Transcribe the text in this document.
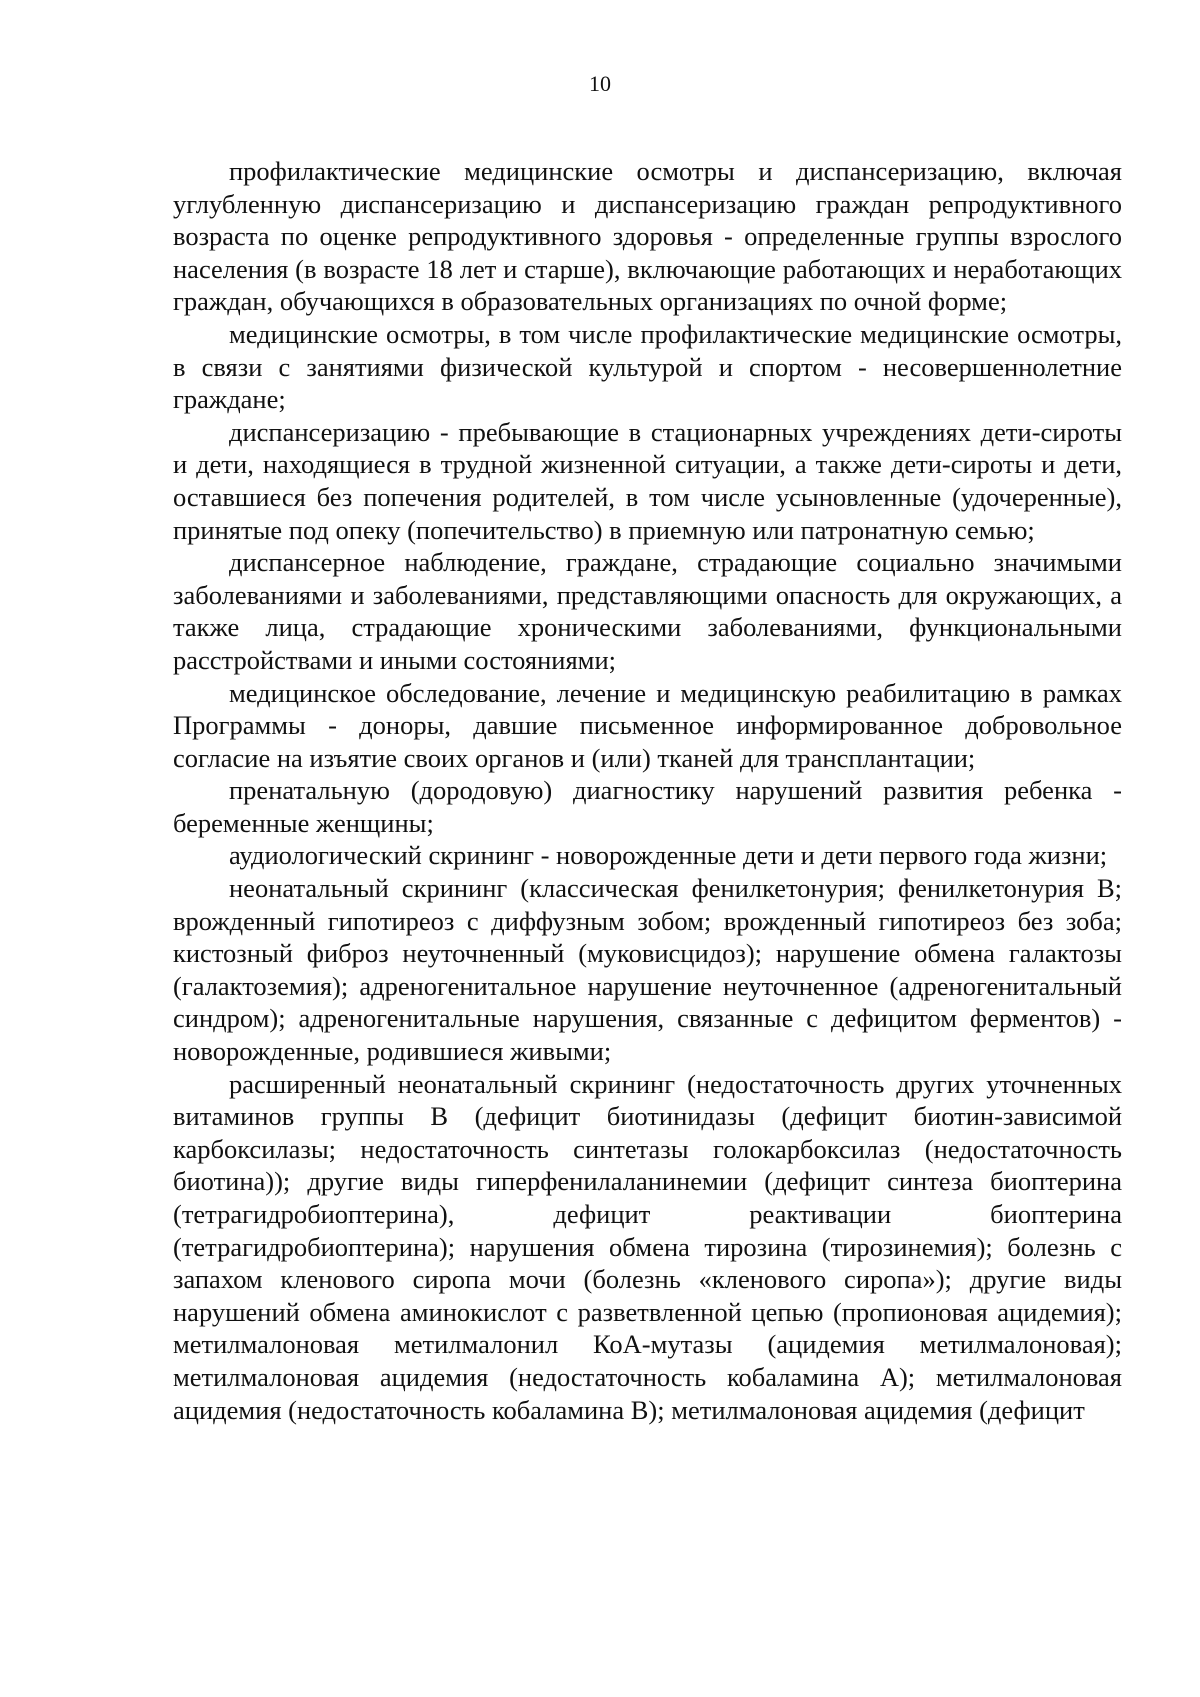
10

профилактические медицинские осмотры и диспансеризацию, включая углубленную диспансеризацию и диспансеризацию граждан репродуктивного возраста по оценке репродуктивного здоровья - определенные группы взрослого населения (в возрасте 18 лет и старше), включающие работающих и неработающих граждан, обучающихся в образовательных организациях по очной форме;

медицинские осмотры, в том числе профилактические медицинские осмотры, в связи с занятиями физической культурой и спортом - несовершеннолетние граждане;

диспансеризацию - пребывающие в стационарных учреждениях дети-сироты и дети, находящиеся в трудной жизненной ситуации, а также дети-сироты и дети, оставшиеся без попечения родителей, в том числе усыновленные (удочеренные), принятые под опеку (попечительство) в приемную или патронатную семью;

диспансерное наблюдение, граждане, страдающие социально значимыми заболеваниями и заболеваниями, представляющими опасность для окружающих, а также лица, страдающие хроническими заболеваниями, функциональными расстройствами и иными состояниями;

медицинское обследование, лечение и медицинскую реабилитацию в рамках Программы - доноры, давшие письменное информированное добровольное согласие на изъятие своих органов и (или) тканей для трансплантации;

пренатальную (дородовую) диагностику нарушений развития ребенка - беременные женщины;

аудиологический скрининг - новорожденные дети и дети первого года жизни;

неонатальный скрининг (классическая фенилкетонурия; фенилкетонурия B; врожденный гипотиреоз с диффузным зобом; врожденный гипотиреоз без зоба; кистозный фиброз неуточненный (муковисцидоз); нарушение обмена галактозы (галактоземия); адреногенитальное нарушение неуточненное (адреногенитальный синдром); адреногенитальные нарушения, связанные с дефицитом ферментов) - новорожденные, родившиеся живыми;

расширенный неонатальный скрининг (недостаточность других уточненных витаминов группы B (дефицит биотинидазы (дефицит биотин-зависимой карбоксилазы; недостаточность синтетазы голокарбоксилаз (недостаточность биотина)); другие виды гиперфенилаланинемии (дефицит синтеза биоптерина (тетрагидробиоптерина), дефицит реактивации биоптерина (тетрагидробиоптерина); нарушения обмена тирозина (тирозинемия); болезнь с запахом кленового сиропа мочи (болезнь «кленового сиропа»); другие виды нарушений обмена аминокислот с разветвленной цепью (пропионовая ацидемия); метилмалоновая метилмалонил КоА-мутазы (ацидемия метилмалоновая); метилмалоновая ацидемия (недостаточность кобаламина A); метилмалоновая ацидемия (недостаточность кобаламина B); метилмалоновая ацидемия (дефицит
